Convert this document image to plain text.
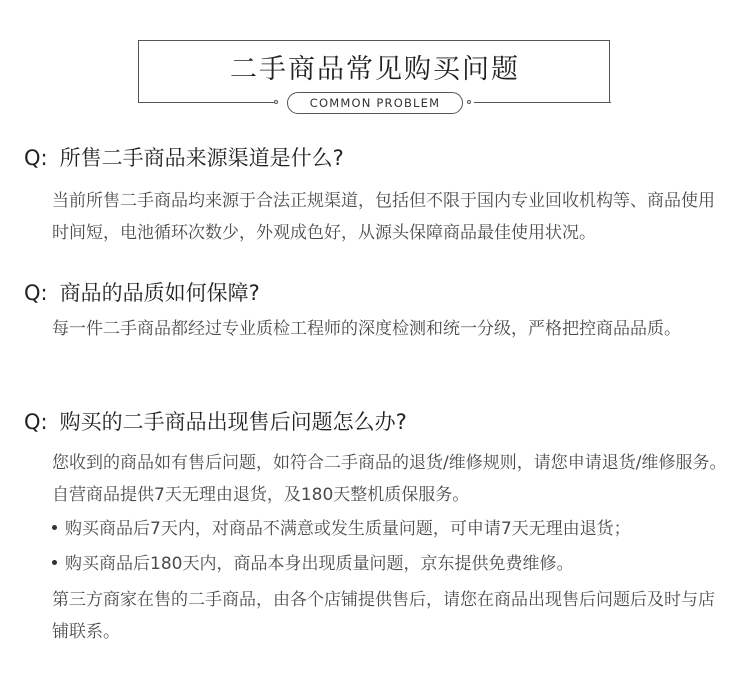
二手商品常见购买问题
COMMON PROBLEM
Q: 所售二手商品来源渠道是什么?
当前所售二手商品均来源于合法正规渠道，包括但不限于国内专业回收机构等、商品使用时间短，电池循环次数少，外观成色好，从源头保障商品最佳使用状况。
Q: 商品的品质如何保障?
每一件二手商品都经过专业质检工程师的深度检测和统一分级，严格把控商品品质。
Q: 购买的二手商品出现售后问题怎么办?
您收到的商品如有售后问题，如符合二手商品的退货/维修规则，请您申请退货/维修服务。自营商品提供7天无理由退货，及180天整机质保服务。
购买商品后7天内，对商品不满意或发生质量问题，可申请7天无理由退货；
购买商品后180天内，商品本身出现质量问题，京东提供免费维修。
第三方商家在售的二手商品，由各个店铺提供售后，请您在商品出现售后问题后及时与店铺联系。
